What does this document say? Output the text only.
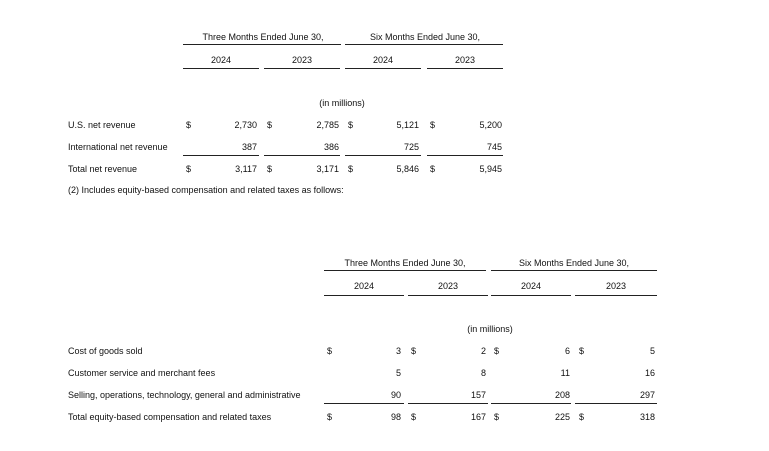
Three Months Ended June 30,	Six Months Ended June 30,
2024	2023	2024	2023
(in millions)
U.S. net revenue	$	2,730 $	2,785 $	5,121 $	5,200
International net revenue	387	386	725	745
Total net revenue	$	3,117 $	3,171 $	5,846 $	5,945
(2) Includes equity-based compensation and related taxes as follows:
Three Months Ended June 30,	Six Months Ended June 30,
2024	2023	2024	2023
(in millions)
Cost of goods sold	$	3 $	2 $	6 $	5
Customer service and merchant fees	5	8	11	16
Selling, operations, technology, general and administrative	90	157	208	297
Total equity-based compensation and related taxes	$	98 $	167 $	225 $	318
